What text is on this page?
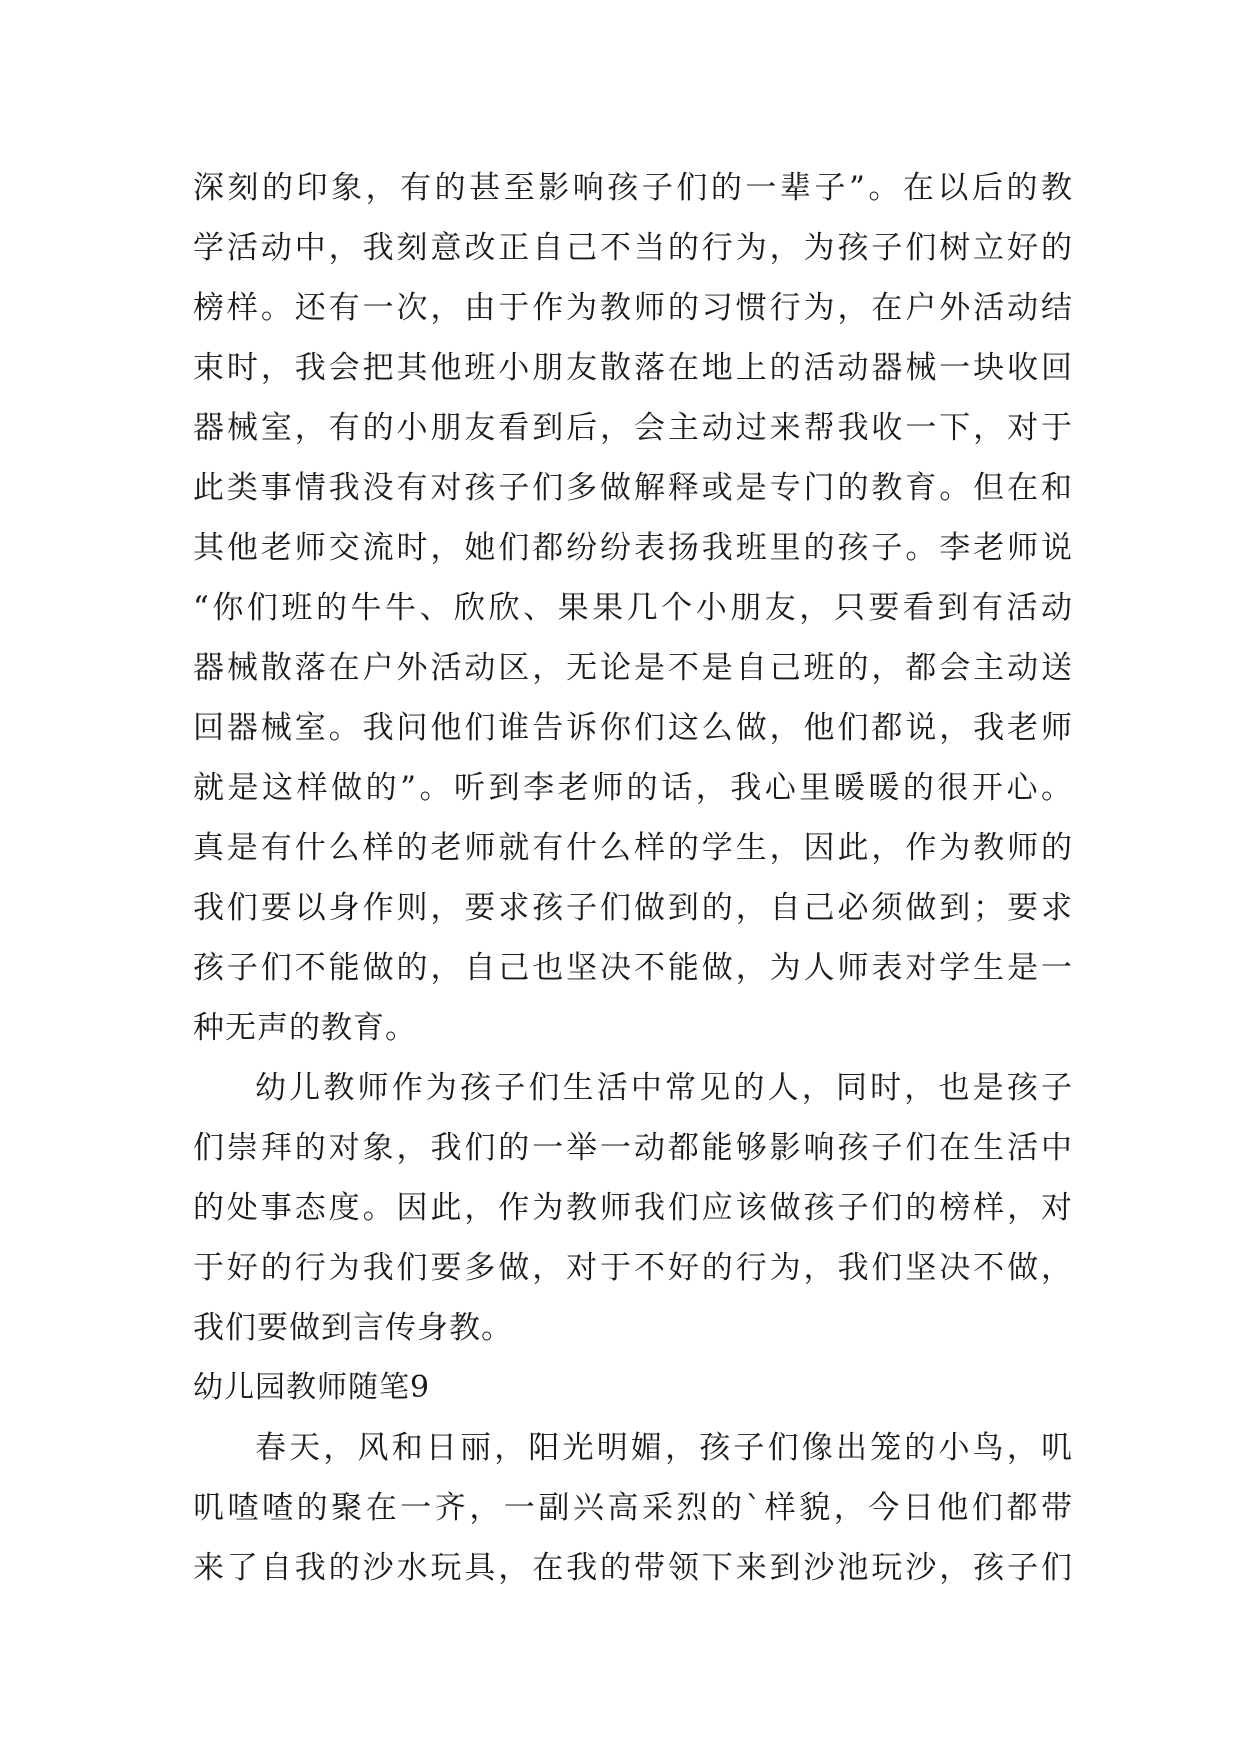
深刻的印象，有的甚至影响孩子们的一辈子”。在以后的教
学活动中，我刻意改正自己不当的行为，为孩子们树立好的
榜样。还有一次，由于作为教师的习惯行为，在户外活动结
束时，我会把其他班小朋友散落在地上的活动器械一块收回
器械室，有的小朋友看到后，会主动过来帮我收一下，对于
此类事情我没有对孩子们多做解释或是专门的教育。但在和
其他老师交流时，她们都纷纷表扬我班里的孩子。李老师说
“你们班的牛牛、欣欣、果果几个小朋友，只要看到有活动
器械散落在户外活动区，无论是不是自己班的，都会主动送
回器械室。我问他们谁告诉你们这么做，他们都说，我老师
就是这样做的”。听到李老师的话，我心里暖暖的很开心。
真是有什么样的老师就有什么样的学生，因此，作为教师的
我们要以身作则，要求孩子们做到的，自己必须做到；要求
孩子们不能做的，自己也坚决不能做，为人师表对学生是一
种无声的教育。
幼儿教师作为孩子们生活中常见的人，同时，也是孩子
们崇拜的对象，我们的一举一动都能够影响孩子们在生活中
的处事态度。因此，作为教师我们应该做孩子们的榜样，对
于好的行为我们要多做，对于不好的行为，我们坚决不做，
我们要做到言传身教。
幼儿园教师随笔9
春天，风和日丽，阳光明媚，孩子们像出笼的小鸟，叽
叽喳喳的聚在一齐，一副兴高采烈的`样貌，今日他们都带
来了自我的沙水玩具，在我的带领下来到沙池玩沙，孩子们
